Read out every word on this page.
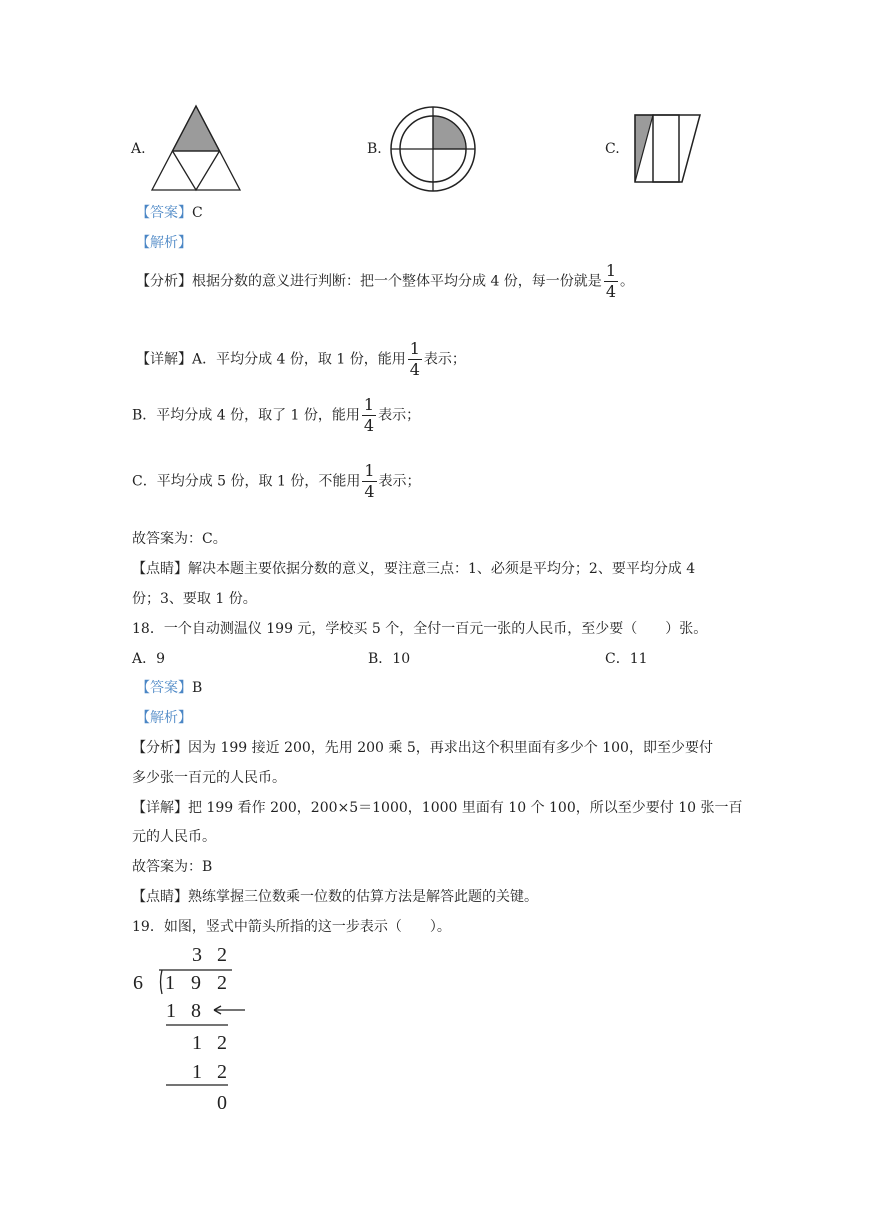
A.	B.	C.
【答案】C
【解析】
【分析】根据分数的意义进行判断：把一个整体平均分成 4 份，每一份就是 $\frac{1}{4}$ 。
【详解】A．平均分成 4 份，取 1 份，能用 $\frac{1}{4}$ 表示；
B．平均分成 4 份，取了 1 份，能用 $\frac{1}{4}$ 表示；
C．平均分成 5 份，取 1 份，不能用 $\frac{1}{4}$ 表示；
故答案为：C。
【点睛】解决本题主要依据分数的意义，要注意三点：1、必须是平均分；2、要平均分成 4
份；3、要取 1 份。
18．一个自动测温仪 199 元，学校买 5 个，全付一百元一张的人民币，至少要（　　）张。
A．9	B．10	C．11
【答案】B
【解析】
【分析】因为 199 接近 200，先用 200 乘 5，再求出这个积里面有多少个 100，即至少要付
多少张一百元的人民币。
【详解】把 199 看作 200，200×5＝1000，1000 里面有 10 个 100，所以至少要付 10 张一百
元的人民币。
故答案为：B
【点睛】熟练掌握三位数乘一位数的估算方法是解答此题的关键。
19．如图，竖式中箭头所指的这一步表示（　　）。
6
3 2
1 9 2
1 8
1 2
1 2
0
